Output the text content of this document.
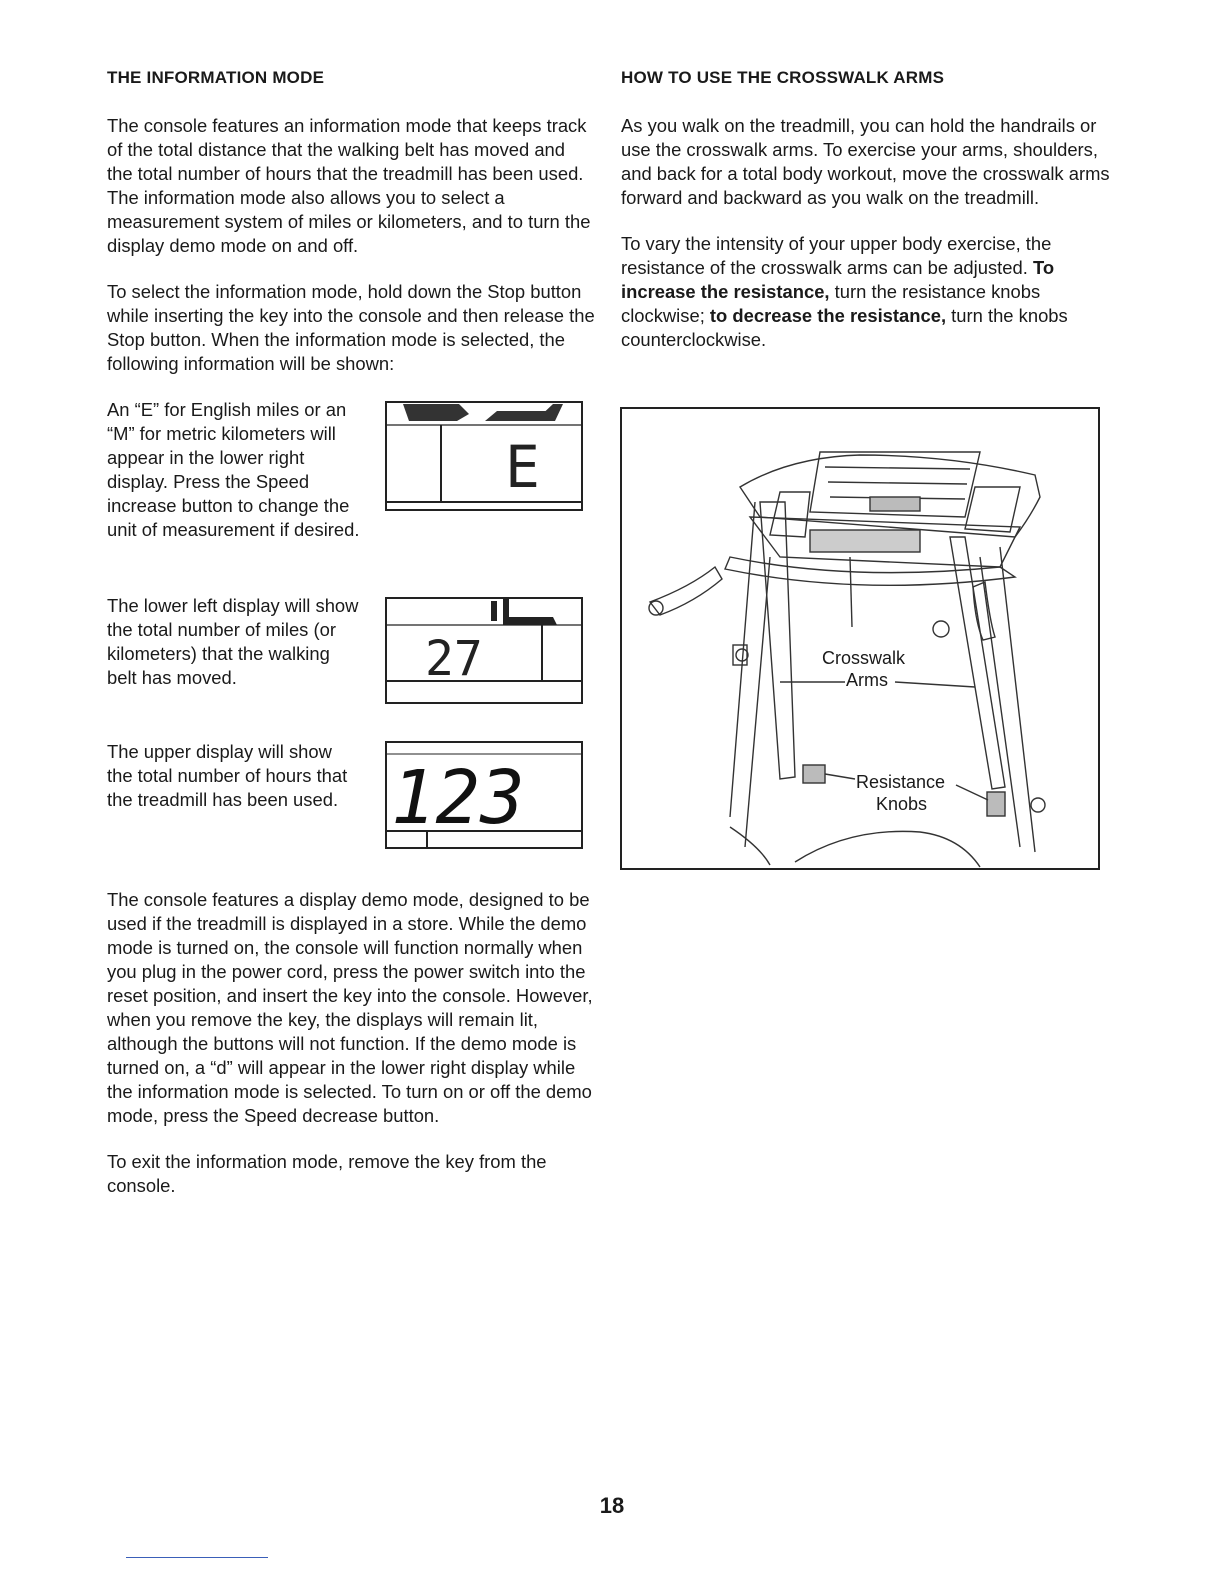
THE INFORMATION MODE

The console features an information mode that keeps track of the total distance that the walking belt has moved and the total number of hours that the treadmill has been used. The information mode also allows you to select a measurement system of miles or kilometers, and to turn the display demo mode on and off.

To select the information mode, hold down the Stop button while inserting the key into the console and then release the Stop button. When the information mode is selected, the following information will be shown:

An “E” for English miles or an “M” for metric kilometers will appear in the lower right display. Press the Speed increase button to change the unit of measurement if desired.

E

The lower left display will show the total number of miles (or kilometers) that the walking belt has moved.	27

The upper display will show the total number of hours that the treadmill has been used. 123

The console features a display demo mode, designed to be used if the treadmill is displayed in a store. While the demo mode is turned on, the console will function normally when you plug in the power cord, press the power switch into the reset position, and insert the key into the console. However, when you remove the key, the displays will remain lit, although the buttons will not function. If the demo mode is turned on, a “d” will appear in the lower right display while the information mode is selected. To turn on or off the demo mode, press the Speed decrease button.

To exit the information mode, remove the key from the console.

HOW TO USE THE CROSSWALK ARMS

As you walk on the treadmill, you can hold the handrails or use the crosswalk arms. To exercise your arms, shoulders, and back for a total body workout, move the crosswalk arms forward and backward as you walk on the treadmill.

To vary the intensity of your upper body exercise, the resistance of the crosswalk arms can be adjusted. To increase the resistance, turn the resistance knobs clockwise; to decrease the resistance, turn the knobs counterclockwise.

Crosswalk
Arms
Resistance
Knobs
18
